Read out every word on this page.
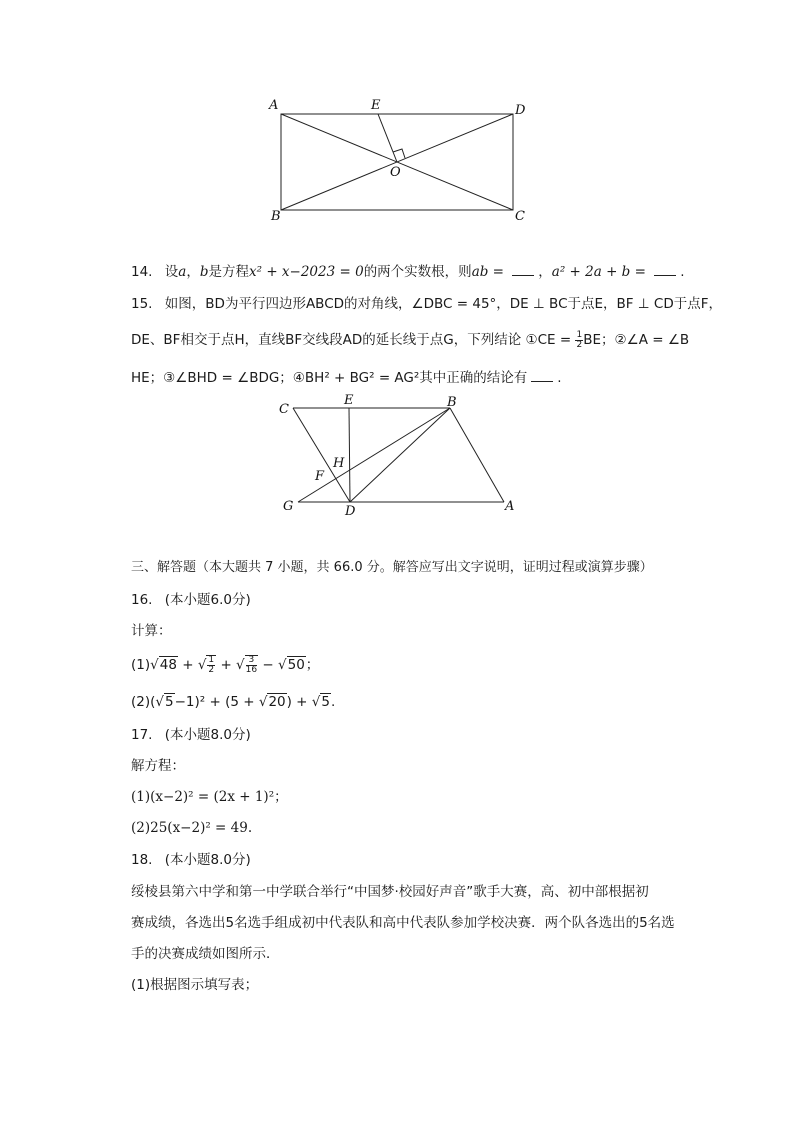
A	E	D
O
B	C
14. 设a，b是方程x² + x−2023 = 0的两个实数根，则ab = ，a² + 2a + b = .
15. 如图，BD为平行四边形ABCD的对角线，∠DBC = 45°，DE ⊥ BC于点E，BF ⊥ CD于点F，
DE、BF相交于点H，直线BF交线段AD的延长线于点G，下列结论 ①CE = $\frac{1}{2}$ BE；②∠A = ∠B
HE；③∠BHD = ∠BDG；④BH² + BG² = AG²其中正确的结论有 .
C
E	B
H
F
G	D	A
三、解答题（本大题共 7 小题，共 66.0 分。解答应写出文字说明，证明过程或演算步骤）
16. (本小题6.0分)
计算：
(1)√48 + √ $\frac{1}{2}$ + √ $\frac{3}{16} - √50$；
(2)(√5−1)² + (5 + √20) + √5.
17. (本小题8.0分)
解方程：
(1)(x−2)² = (2x + 1)²；
(2)25(x−2)² = 49.
18. (本小题8.0分)
绥棱县第六中学和第一中学联合举行“中国梦·校园好声音”歌手大赛，高、初中部根据初
赛成绩，各选出5名选手组成初中代表队和高中代表队参加学校决赛．两个队各选出的5名选
手的决赛成绩如图所示．
(1)根据图示填写表；
